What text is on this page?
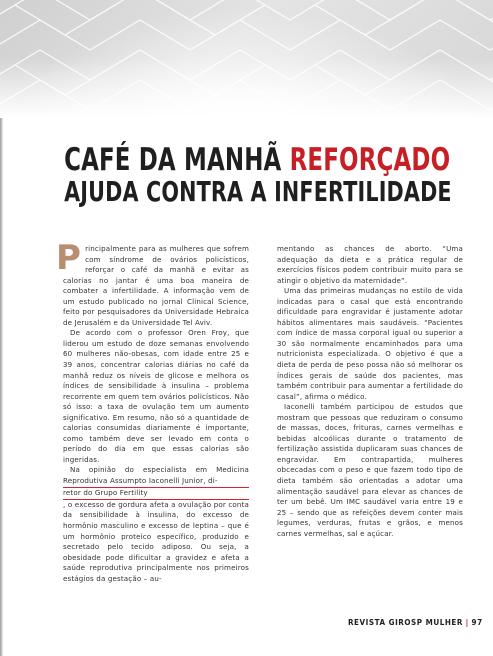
CAFÉ DA MANHÃ REFORÇADO
AJUDA CONTRA A INFERTILIDADE

Principalmente para as mulheres que sofrem com síndrome de ovários policísticos, reforçar o café da manhã e evitar as calorias no jantar é uma boa maneira de combater a infertilidade. A informação vem de um estudo publicado no jornal Clinical Science, feito por pesquisadores da Universidade Hebraica de Jerusalém e da Universidade Tel Aviv.

De acordo com o professor Oren Froy, que liderou um estudo de doze semanas envolvendo 60 mulheres não-obesas, com idade entre 25 e 39 anos, concentrar calorias diárias no café da manhã reduz os níveis de glicose e melhora os índices de sensibilidade à insulina – problema recorrente em quem tem ovários policísticos. Não só isso: a taxa de ovulação tem um aumento significativo. Em resumo, não só a quantidade de calorias consumidas diariamente é importante, como também deve ser levado em conta o período do dia em que essas calorias são ingeridas.

Na opinião do especialista em Medicina Reprodutiva Assumpto Iaconelli Junior, di-
retor do Grupo Fertility
, o excesso de gordura afeta a ovulação por conta da sensibilidade à insulina, do excesso de hormônio masculino e excesso de leptina – que é um hormônio proteico específico, produzido e secretado pelo tecido adiposo. Ou seja, a obesidade pode dificultar a gravidez e afeta a saúde reprodutiva principalmente nos primeiros estágios da gestação – au-

mentando as chances de aborto. “Uma adequação da dieta e a prática regular de exercícios físicos podem contribuir muito para se atingir o objetivo da maternidade”.

Uma das primeiras mudanças no estilo de vida indicadas para o casal que está encontrando dificuldade para engravidar é justamente adotar hábitos alimentares mais saudáveis. “Pacientes com índice de massa corporal igual ou superior a 30 são normalmente encaminhados para uma nutricionista especializada. O objetivo é que a dieta de perda de peso possa não só melhorar os índices gerais de saúde dos pacientes, mas também contribuir para aumentar a fertilidade do casal”, afirma o médico.

Iaconelli também participou de estudos que mostram que pessoas que reduziram o consumo de massas, doces, frituras, carnes vermelhas e bebidas alcoólicas durante o tratamento de fertilização assistida duplicaram suas chances de engravidar. Em contrapartida, mulheres obcecadas com o peso e que fazem todo tipo de dieta também são orientadas a adotar uma alimentação saudável para elevar as chances de ter um bebê. Um IMC saudável varia entre 19 e 25 – sendo que as refeições devem conter mais legumes, verduras, frutas e grãos, e menos carnes vermelhas, sal e açúcar.

REVISTA GIROSP MULHER | 97
